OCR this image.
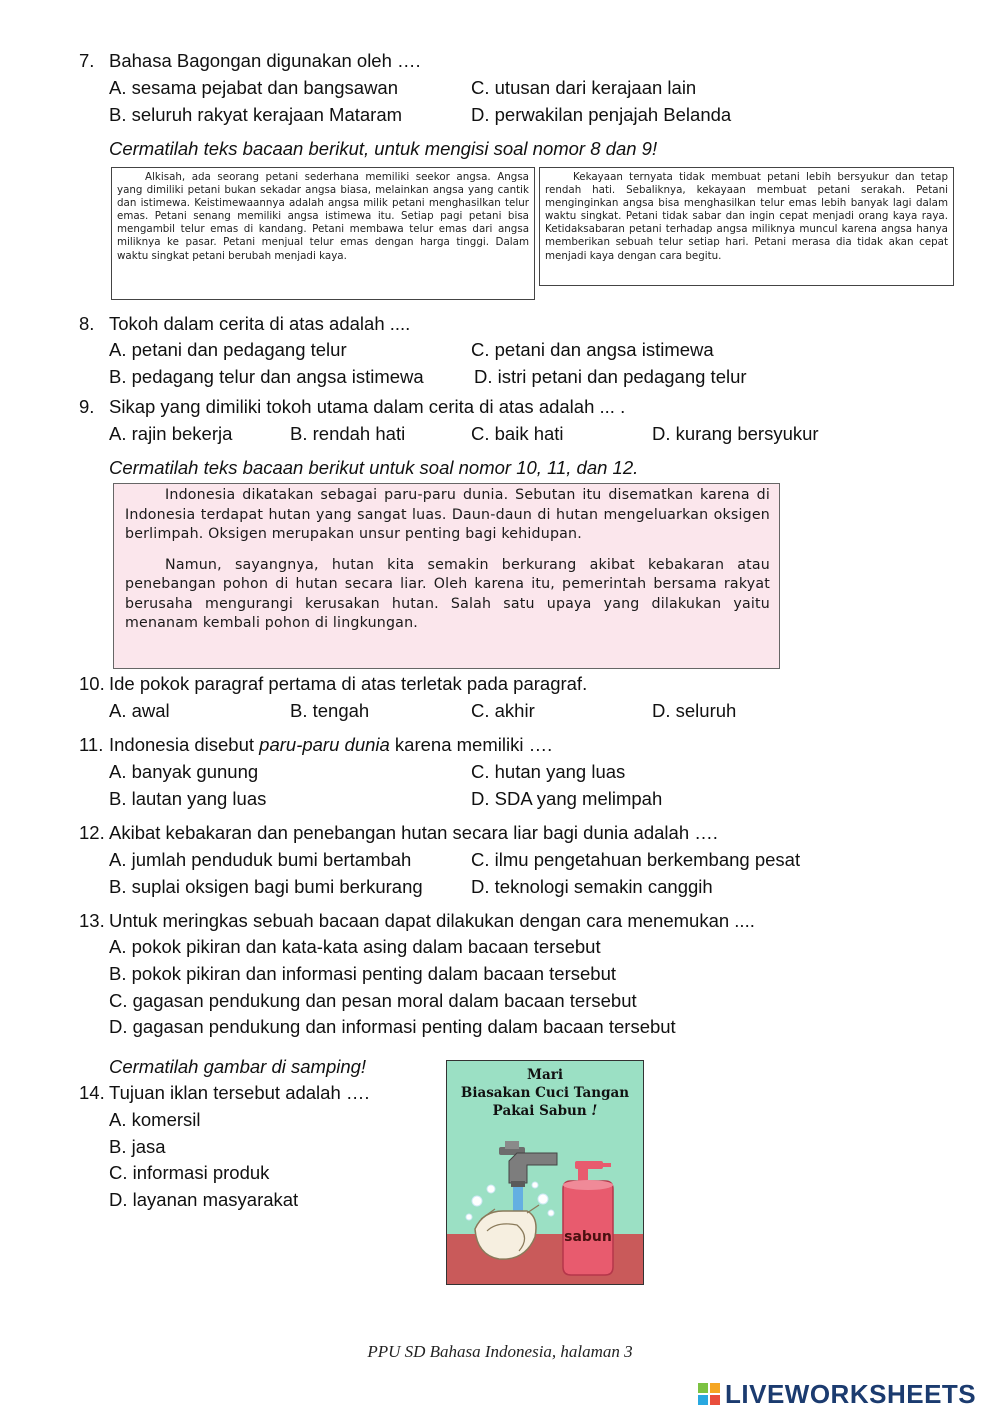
7. Bahasa Bagongan digunakan oleh ….
A. sesama pejabat dan bangsawan	C. utusan dari kerajaan lain
B. seluruh rakyat kerajaan Mataram	D. perwakilan penjajah Belanda
Cermatilah teks bacaan berikut, untuk mengisi soal nomor 8 dan 9!

Alkisah, ada seorang petani sederhana memiliki seekor angsa. Angsa yang dimiliki petani bukan sekadar angsa biasa, melainkan angsa yang cantik dan istimewa. Keistimewaannya adalah angsa milik petani menghasilkan telur emas. Petani senang memiliki angsa istimewa itu. Setiap pagi petani bisa mengambil telur emas di kandang. Petani membawa telur emas dari angsa miliknya ke pasar. Petani menjual telur emas dengan harga tinggi. Dalam waktu singkat petani berubah menjadi kaya.

Kekayaan ternyata tidak membuat petani lebih bersyukur dan tetap rendah hati. Sebaliknya, kekayaan membuat petani serakah. Petani menginginkan angsa bisa menghasilkan telur emas lebih banyak lagi dalam waktu singkat. Petani tidak sabar dan ingin cepat menjadi orang kaya raya. Ketidaksabaran petani terhadap angsa miliknya muncul karena angsa hanya memberikan sebuah telur setiap hari. Petani merasa dia tidak akan cepat menjadi kaya dengan cara begitu.

8. Tokoh dalam cerita di atas adalah ....
A. petani dan pedagang telur	C. petani dan angsa istimewa
B. pedagang telur dan angsa istimewa	D. istri petani dan pedagang telur
9. Sikap yang dimiliki tokoh utama dalam cerita di atas adalah ... .
A. rajin bekerja	B. rendah hati	C. baik hati	D. kurang bersyukur
Cermatilah teks bacaan berikut untuk soal nomor 10, 11, dan 12.

Indonesia dikatakan sebagai paru-paru dunia. Sebutan itu disematkan karena di Indonesia terdapat hutan yang sangat luas. Daun-daun di hutan mengeluarkan oksigen berlimpah. Oksigen merupakan unsur penting bagi kehidupan.

Namun, sayangnya, hutan kita semakin berkurang akibat kebakaran atau penebangan pohon di hutan secara liar. Oleh karena itu, pemerintah bersama rakyat berusaha mengurangi kerusakan hutan. Salah satu upaya yang dilakukan yaitu menanam kembali pohon di lingkungan.

10. Ide pokok paragraf pertama di atas terletak pada paragraf.
A. awal	B. tengah	C. akhir	D. seluruh
11. Indonesia disebut paru-paru dunia karena memiliki ….
A. banyak gunung	C. hutan yang luas
B. lautan yang luas	D. SDA yang melimpah
12. Akibat kebakaran dan penebangan hutan secara liar bagi dunia adalah ….
A. jumlah penduduk bumi bertambah	C. ilmu pengetahuan berkembang pesat
B. suplai oksigen bagi bumi berkurang	D. teknologi semakin canggih
13. Untuk meringkas sebuah bacaan dapat dilakukan dengan cara menemukan ....
A. pokok pikiran dan kata-kata asing dalam bacaan tersebut
B. pokok pikiran dan informasi penting dalam bacaan tersebut
C. gagasan pendukung dan pesan moral dalam bacaan tersebut
D. gagasan pendukung dan informasi penting dalam bacaan tersebut
Cermatilah gambar di samping!
14. Tujuan iklan tersebut adalah ….
A. komersil
B. jasa
C. informasi produk
D. layanan masyarakat
Mari
Biasakan Cuci Tangan
Pakai Sabun !
sabun
PPU SD Bahasa Indonesia, halaman 3
LIVEWORKSHEETS
